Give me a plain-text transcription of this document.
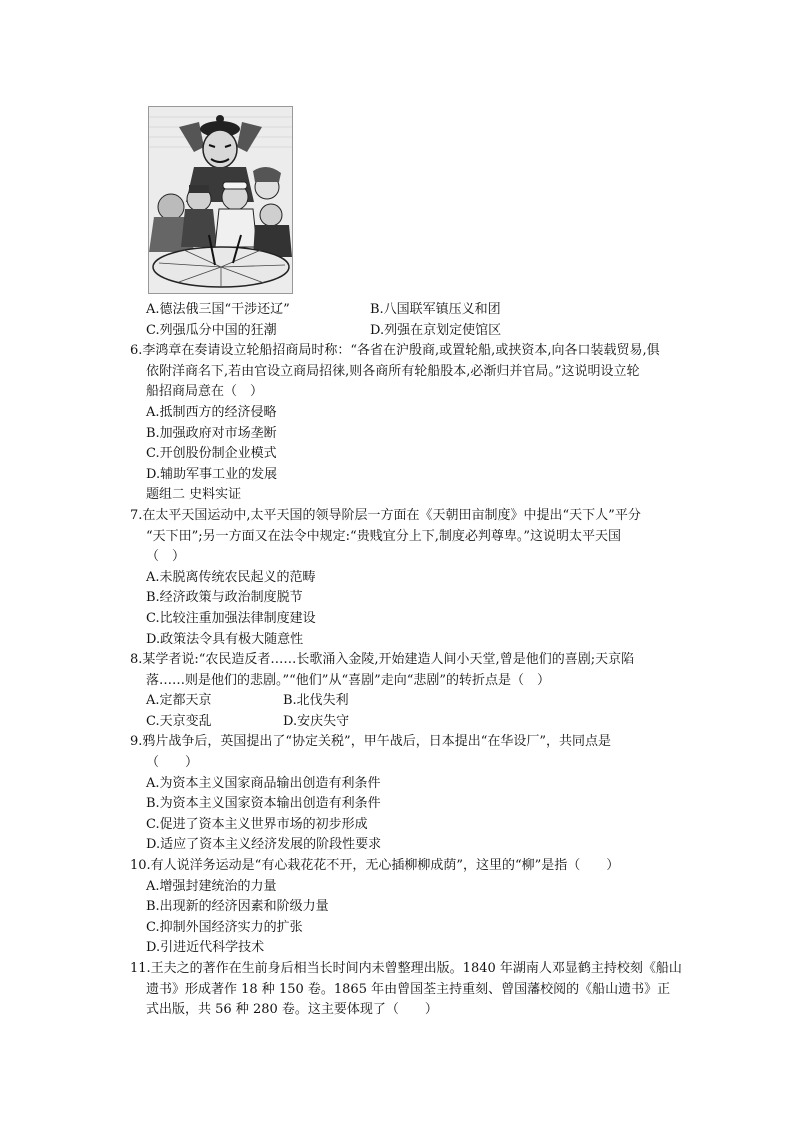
A.德法俄三国“干涉还辽”	B.八国联军镇压义和团
C.列强瓜分中国的狂潮	D.列强在京划定使馆区
6.李鸿章在奏请设立轮船招商局时称：“各省在沪殷商,或置轮船,或挟资本,向各口装载贸易,俱
依附洋商名下,若由官设立商局招徕,则各商所有轮船股本,必渐归并官局。”这说明设立轮
船招商局意在（　）
A.抵制西方的经济侵略
B.加强政府对市场垄断
C.开创股份制企业模式
D.辅助军事工业的发展
题组二 史料实证
7.在太平天国运动中,太平天国的领导阶层一方面在《天朝田亩制度》中提出“天下人”平分
“天下田”;另一方面又在法令中规定:“贵贱宜分上下,制度必判尊卑。”这说明太平天国
（　）
A.未脱离传统农民起义的范畴
B.经济政策与政治制度脱节
C.比较注重加强法律制度建设
D.政策法令具有极大随意性
8.某学者说:“农民造反者……长歌涌入金陵,开始建造人间小天堂,曾是他们的喜剧;天京陷
落……则是他们的悲剧。”“他们”从“喜剧”走向“悲剧”的转折点是（　）
A.定都天京	B.北伐失利
C.天京变乱	D.安庆失守
9.鸦片战争后，英国提出了“协定关税”，甲午战后，日本提出“在华设厂”，共同点是
（　　）
A.为资本主义国家商品输出创造有利条件
B.为资本主义国家资本输出创造有利条件
C.促进了资本主义世界市场的初步形成
D.适应了资本主义经济发展的阶段性要求
10.有人说洋务运动是“有心栽花花不开，无心插柳柳成荫”，这里的“柳”是指（　　）
A.增强封建统治的力量
B.出现新的经济因素和阶级力量
C.抑制外国经济实力的扩张
D.引进近代科学技术
11.王夫之的著作在生前身后相当长时间内未曾整理出版。1840 年湖南人邓显鹤主持校刻《船山
遗书》形成著作 18 种 150 卷。1865 年由曾国荃主持重刻、曾国藩校阅的《船山遗书》正
式出版，共 56 种 280 卷。这主要体现了（　　）
